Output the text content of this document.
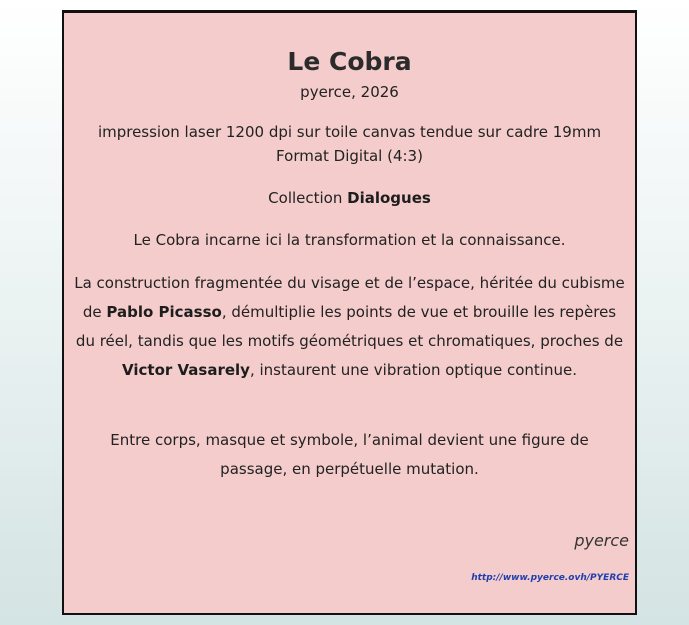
Le Cobra
pyerce, 2026
impression laser 1200 dpi sur toile canvas tendue sur cadre 19mm
Format Digital (4:3)
Collection Dialogues
Le Cobra incarne ici la transformation et la connaissance.
La construction fragmentée du visage et de l’espace, héritée du cubisme de Pablo Picasso, démultiplie les points de vue et brouille les repères du réel, tandis que les motifs géométriques et chromatiques, proches de Victor Vasarely, instaurent une vibration optique continue.
Entre corps, masque et symbole, l’animal devient une figure de passage, en perpétuelle mutation.
pyerce
http://www.pyerce.ovh/PYERCE
